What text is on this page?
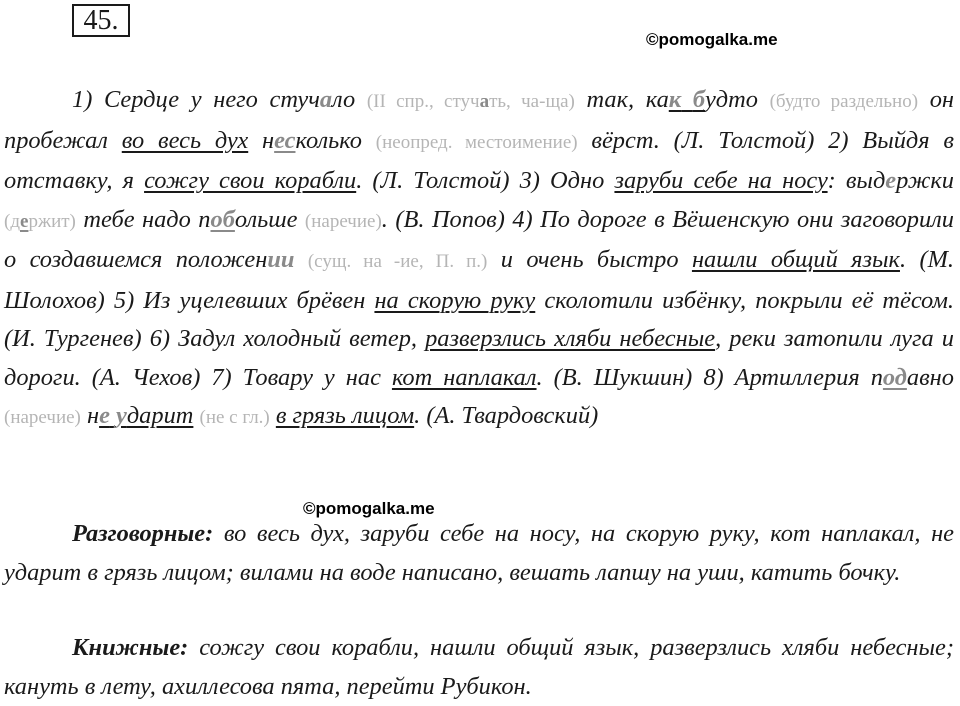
45.
©pomogalka.me
©pomogalka.me

1) Сердце у него стучало (II спр., стучать, ча-ща) так, как будто (будто раздельно) он пробежал во весь дух несколько (неопред. местоимение) вёрст. (Л. Толстой) 2) Выйдя в отставку, я сожгу свои корабли. (Л. Толстой) 3) Одно заруби себе на носу: выдержки (держит) тебе надо побольше (наречие). (В. Попов) 4) По дороге в Вёшенскую они заговорили о создавшемся положении (сущ. на -ие, П. п.) и очень быстро нашли общий язык. (М. Шолохов) 5) Из уцелевших брёвен на скорую руку сколотили избёнку, покрыли её тёсом. (И. Тургенев) 6) Задул холодный ветер, разверзлись хляби небесные, реки затопили луга и дороги. (А. Чехов) 7) Товару у нас кот наплакал. (В. Шукшин) 8) Артиллерия подавно (наречие) не ударит (не с гл.) в грязь лицом. (А. Твардовский)

Разговорные: во весь дух, заруби себе на носу, на скорую руку, кот наплакал, не ударит в грязь лицом; вилами на воде написано, вешать лапшу на уши, катить бочку.

Книжные: сожгу свои корабли, нашли общий язык, разверзлись хляби небесные; кануть в лету, ахиллесова пята, перейти Рубикон.
